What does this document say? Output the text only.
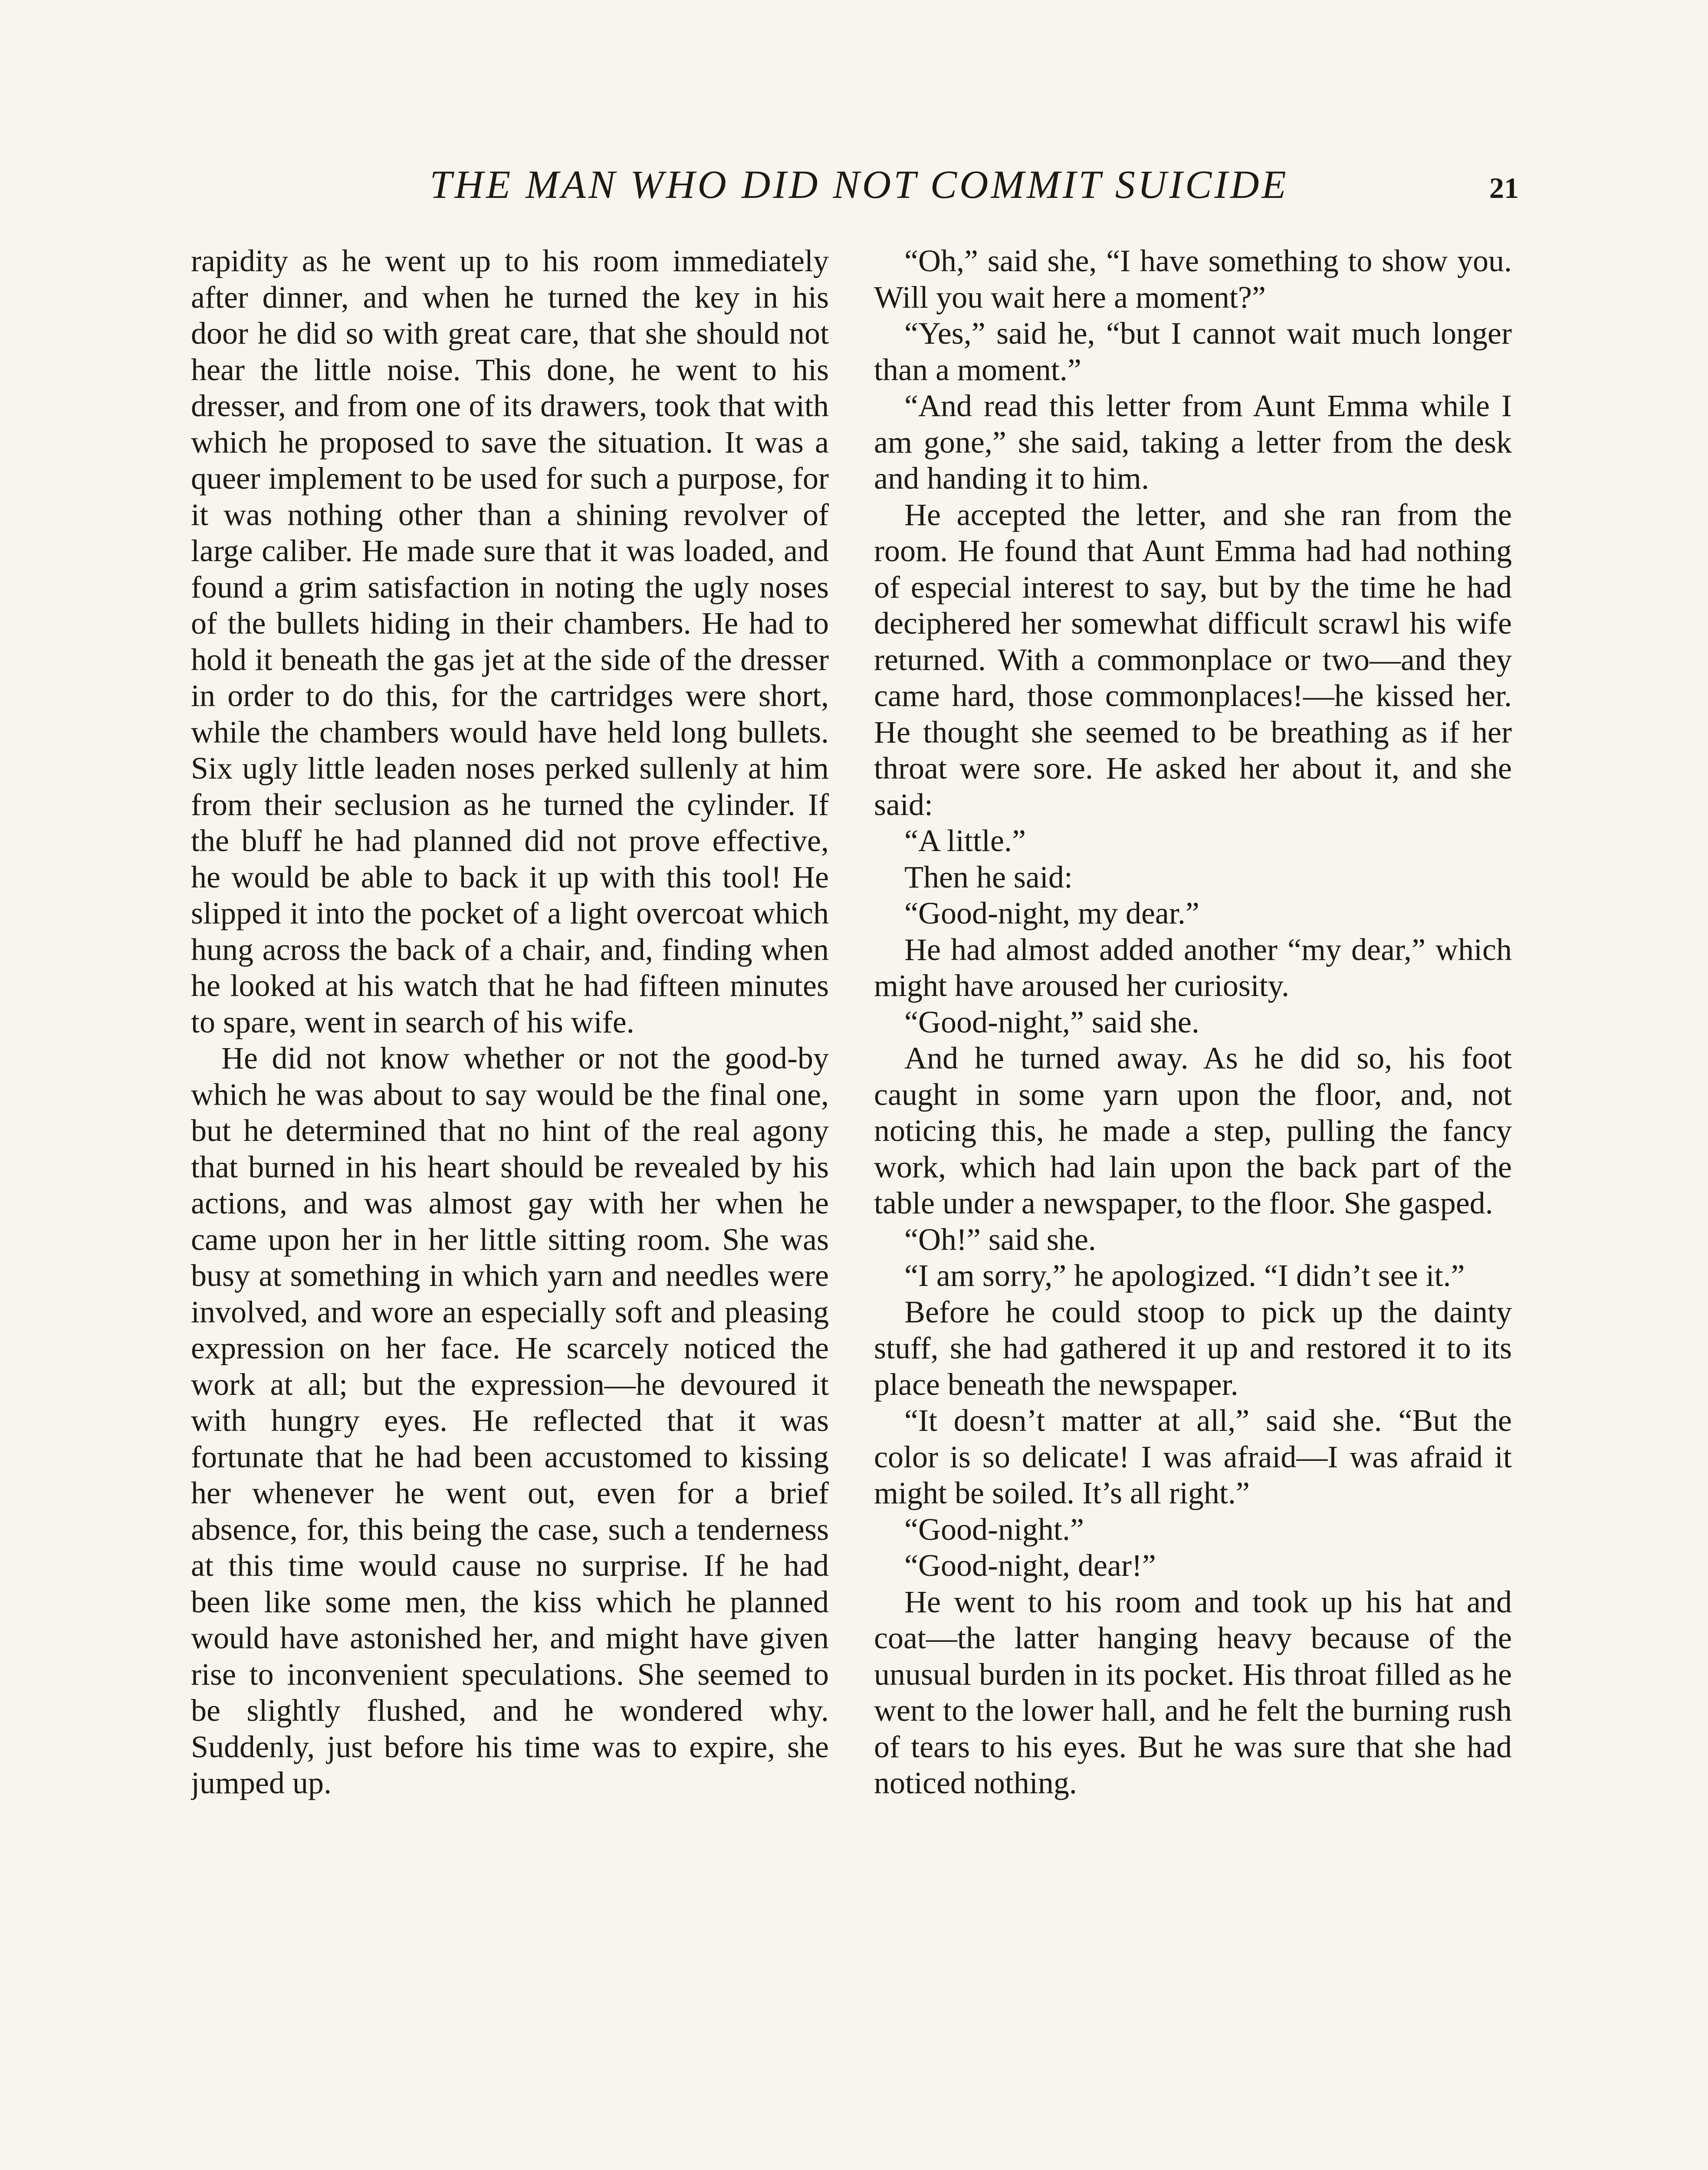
THE MAN WHO DID NOT COMMIT SUICIDE	21

rapidity as he went up to his room immediately after dinner, and when he turned the key in his door he did so with great care, that she should not hear the little noise. This done, he went to his dresser, and from one of its drawers, took that with which he proposed to save the situation. It was a queer implement to be used for such a purpose, for it was nothing other than a shining revolver of large caliber. He made sure that it was loaded, and found a grim satisfaction in noting the ugly noses of the bullets hiding in their chambers. He had to hold it beneath the gas jet at the side of the dresser in order to do this, for the cartridges were short, while the chambers would have held long bullets. Six ugly little leaden noses perked sullenly at him from their seclusion as he turned the cylinder. If the bluff he had planned did not prove effective, he would be able to back it up with this tool! He slipped it into the pocket of a light overcoat which hung across the back of a chair, and, finding when he looked at his watch that he had fifteen minutes to spare, went in search of his wife.

He did not know whether or not the good-by which he was about to say would be the final one, but he determined that no hint of the real agony that burned in his heart should be revealed by his actions, and was almost gay with her when he came upon her in her little sitting room. She was busy at something in which yarn and needles were involved, and wore an especially soft and pleasing expression on her face. He scarcely noticed the work at all; but the expression—he devoured it with hungry eyes. He reflected that it was fortunate that he had been accustomed to kissing her whenever he went out, even for a brief absence, for, this being the case, such a tenderness at this time would cause no surprise. If he had been like some men, the kiss which he planned would have astonished her, and might have given rise to inconvenient speculations. She seemed to be slightly flushed, and he wondered why. Suddenly, just before his time was to expire, she jumped up.

“Oh,” said she, “I have something to show you. Will you wait here a moment?”

“Yes,” said he, “but I cannot wait much longer than a moment.”

“And read this letter from Aunt Emma while I am gone,” she said, taking a letter from the desk and handing it to him.

He accepted the letter, and she ran from the room. He found that Aunt Emma had had nothing of especial interest to say, but by the time he had deciphered her somewhat difficult scrawl his wife returned. With a commonplace or two—and they came hard, those commonplaces!—he kissed her. He thought she seemed to be breathing as if her throat were sore. He asked her about it, and she said:

“A little.”

Then he said:

“Good-night, my dear.”

He had almost added another “my dear,” which might have aroused her curiosity.

“Good-night,” said she.

And he turned away. As he did so, his foot caught in some yarn upon the floor, and, not noticing this, he made a step, pulling the fancy work, which had lain upon the back part of the table under a newspaper, to the floor. She gasped.

“Oh!” said she.

“I am sorry,” he apologized. “I didn’t see it.”

Before he could stoop to pick up the dainty stuff, she had gathered it up and restored it to its place beneath the newspaper.

“It doesn’t matter at all,” said she. “But the color is so delicate! I was afraid—I was afraid it might be soiled. It’s all right.”

“Good-night.”

“Good-night, dear!”

He went to his room and took up his hat and coat—the latter hanging heavy because of the unusual burden in its pocket. His throat filled as he went to the lower hall, and he felt the burning rush of tears to his eyes. But he was sure that she had noticed nothing.
